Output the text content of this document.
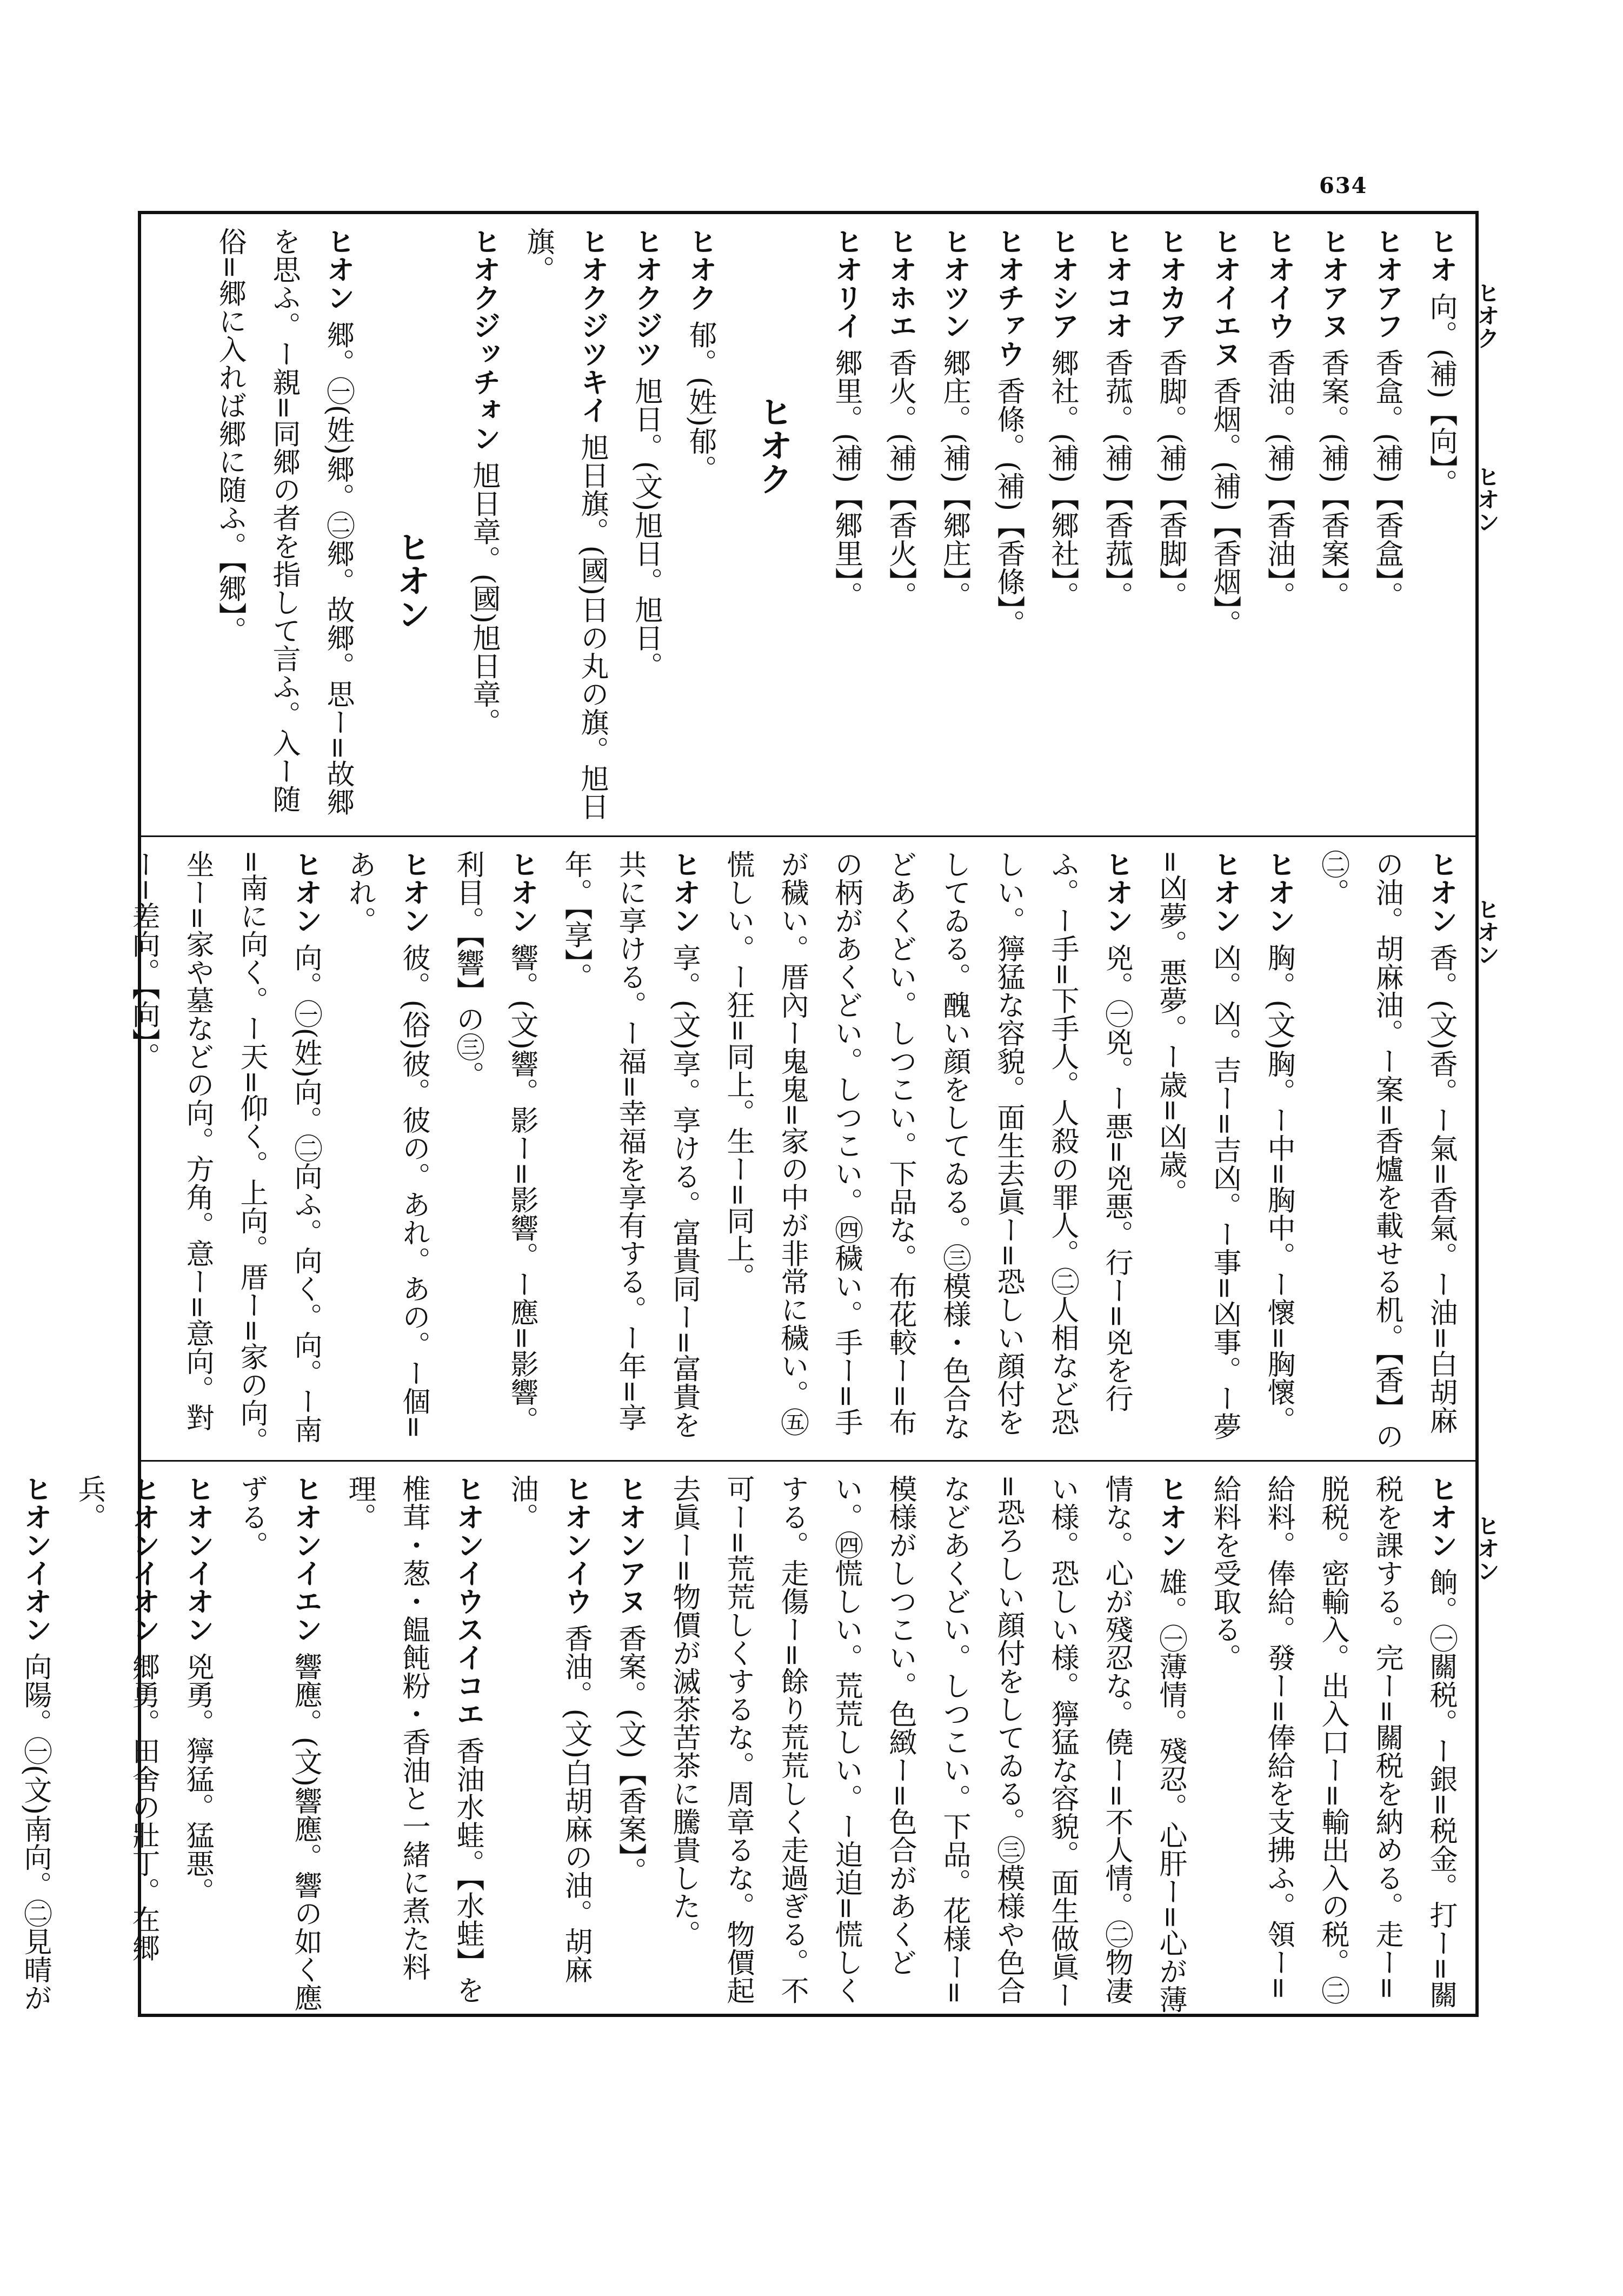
634
ヒオク
ヒオン
ヒオン
ヒオン
ヒオ 向。(補)【向】。
ヒオアフ 香盒。(補)【香盒】。
ヒオアヌ 香案。(補)【香案】。
ヒオイウ 香油。(補)【香油】。
ヒオイエヌ 香烟。(補)【香烟】。
ヒオカア 香脚。(補)【香脚】。
ヒオコオ 香菰。(補)【香菰】。
ヒオシア 郷社。(補)【郷社】。
ヒオチァウ 香條。(補)【香條】。
ヒオツン 郷庄。(補)【郷庄】。
ヒオホエ 香火。(補)【香火】。
ヒオリイ 郷里。(補)【郷里】。
ヒオク
ヒオク 郁。(姓)郁。
ヒオクジツ 旭日。(文)旭日。旭日。
ヒオクジツキイ 旭日旗。(國)日の丸の旗。旭日旗。
ヒオクジッチォン 旭日章。(國)旭日章。
ヒオン
ヒオン 郷。㊀(姓)郷。㊁郷。故郷。思ー=故郷を思ふ。ー親=同郷の者を指して言ふ。入ー随俗=郷に入れば郷に随ふ。【郷】。
ヒオン 香。(文)香。ー氣=香氣。ー油=白胡麻の油。胡麻油。ー案=香爐を載せる机。【香】の㊁。
ヒオン 胸。(文)胸。ー中=胸中。ー懷=胸懷。
ヒオン 凶。凶。吉ー=吉凶。ー事=凶事。ー夢=凶夢。悪夢。ー歳=凶歳。
ヒオン 兇。㊀兇。ー悪=兇悪。行ー=兇を行ふ。ー手=下手人。人殺の罪人。㊁人相など恐しい。獰猛な容貌。面生去眞ー=恐しい顔付をしてゐる。醜い顔をしてゐる。㊂模様・色合などあくどい。しつこい。下品な。布花較ー=布の柄があくどい。しつこい。㊃穢い。手ー=手が穢い。厝內ー鬼鬼=家の中が非常に穢い。㊄慌しい。ー狂=同上。生ー=同上。
ヒオン 享。(文)享。享ける。富貴同ー=富貴を共に享ける。ー福=幸福を享有する。ー年=享年。【享】。
ヒオン 響。(文)響。影ー=影響。ー應=影響。利目。【響】の㊂。
ヒオン 彼。(俗)彼。彼の。あれ。あの。ー個=あれ。
ヒオン 向。㊀(姓)向。㊁向ふ。向く。向。ー南=南に向く。ー天=仰く。上向。厝ー=家の向。坐ー=家や墓などの向。方角。意ー=意向。對ー=差向。【向】。
ヒオン 餉。㊀關税。ー銀=税金。打ー=關税を課する。完ー=關税を納める。走ー=脱税。密輸入。出入口ー=輸出入の税。㊁給料。俸給。發ー=俸給を支拂ふ。領ー=給料を受取る。
ヒオン 雄。㊀薄情。殘忍。心肝ー=心が薄情な。心が殘忍な。僥ー=不人情。㊁物凄い様。恐しい様。獰猛な容貌。面生做眞ー=恐ろしい顔付をしてゐる。㊂模様や色合などあくどい。しつこい。下品。花様ー=模様がしつこい。色緻ー=色合があくどい。㊃慌しい。荒荒しい。ー迫迫=慌しくする。走傷ー=餘り荒荒しく走過ぎる。不可ー=荒荒しくするな。周章るな。物價起去眞ー=物價が滅茶苦茶に騰貴した。
ヒオンアヌ 香案。(文)【香案】。
ヒオンイウ 香油。(文)白胡麻の油。胡麻油。
ヒオンイウスイコエ 香油水蛙。【水蛙】を椎茸・葱・饂飩粉・香油と一緒に煮た料理。
ヒオンイエン 響應。(文)響應。響の如く應ずる。
ヒオンイオン 兇勇。獰猛。猛悪。
ヒオンイオン 郷勇。田舍の壯丁。在郷兵。
ヒオンイオン 向陽。㊀(文)南向。㊁見晴が
